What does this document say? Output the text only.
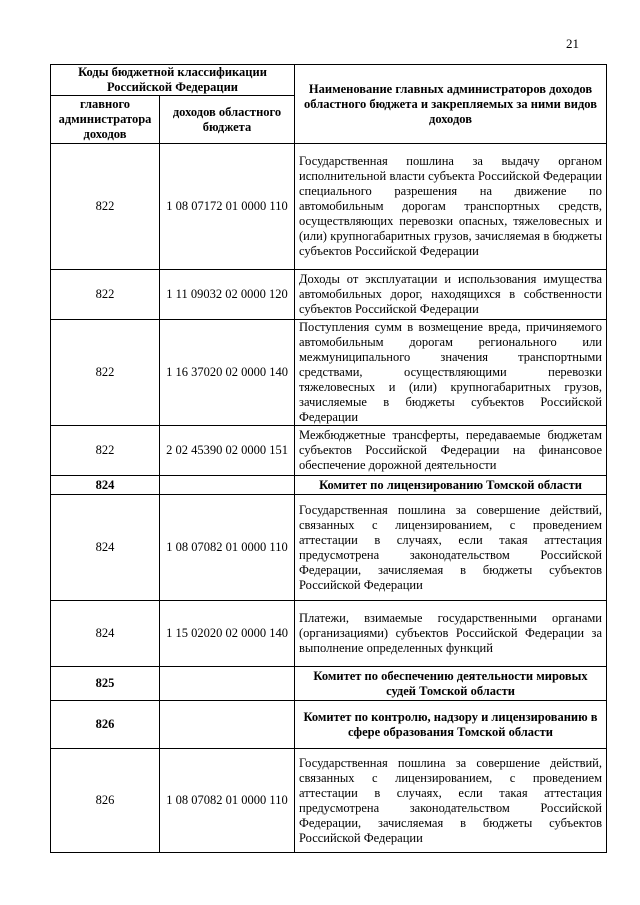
21
Коды бюджетной классификации Российской Федерации		Наименование главных администраторов доходов областного бюджета и закрепляемых за ними видов доходов
главного администратора доходов	доходов областного бюджета	
822	1 08 07172 01 0000 110	Государственная пошлина за выдачу органом исполнительной власти субъекта Российской Федерации специального разрешения на движение по автомобильным дорогам транспортных средств, осуществляющих перевозки опасных, тяжеловесных и (или) крупногабаритных грузов, зачисляемая в бюджеты субъектов Российской Федерации
822	1 11 09032 02 0000 120	Доходы от эксплуатации и использования имущества автомобильных дорог, находящихся в собственности субъектов Российской Федерации
822	1 16 37020 02 0000 140	Поступления сумм в возмещение вреда, причиняемого автомобильным дорогам регионального или межмуниципального значения транспортными средствами, осуществляющими перевозки тяжеловесных и (или) крупногабаритных грузов, зачисляемые в бюджеты субъектов Российской Федерации
822	2 02 45390 02 0000 151	Межбюджетные трансферты, передаваемые бюджетам субъектов Российской Федерации на финансовое обеспечение дорожной деятельности
824		Комитет по лицензированию Томской области
824	1 08 07082 01 0000 110	Государственная пошлина за совершение действий, связанных с лицензированием, с проведением аттестации в случаях, если такая аттестация предусмотрена законодательством Российской Федерации, зачисляемая в бюджеты субъектов Российской Федерации
824	1 15 02020 02 0000 140	Платежи, взимаемые государственными органами (организациями) субъектов Российской Федерации за выполнение определенных функций
825		Комитет по обеспечению деятельности мировых судей Томской области
826		Комитет по контролю, надзору и лицензированию в сфере образования Томской области
826	1 08 07082 01 0000 110	Государственная пошлина за совершение действий, связанных с лицензированием, с проведением аттестации в случаях, если такая аттестация предусмотрена законодательством Российской Федерации, зачисляемая в бюджеты субъектов Российской Федерации
